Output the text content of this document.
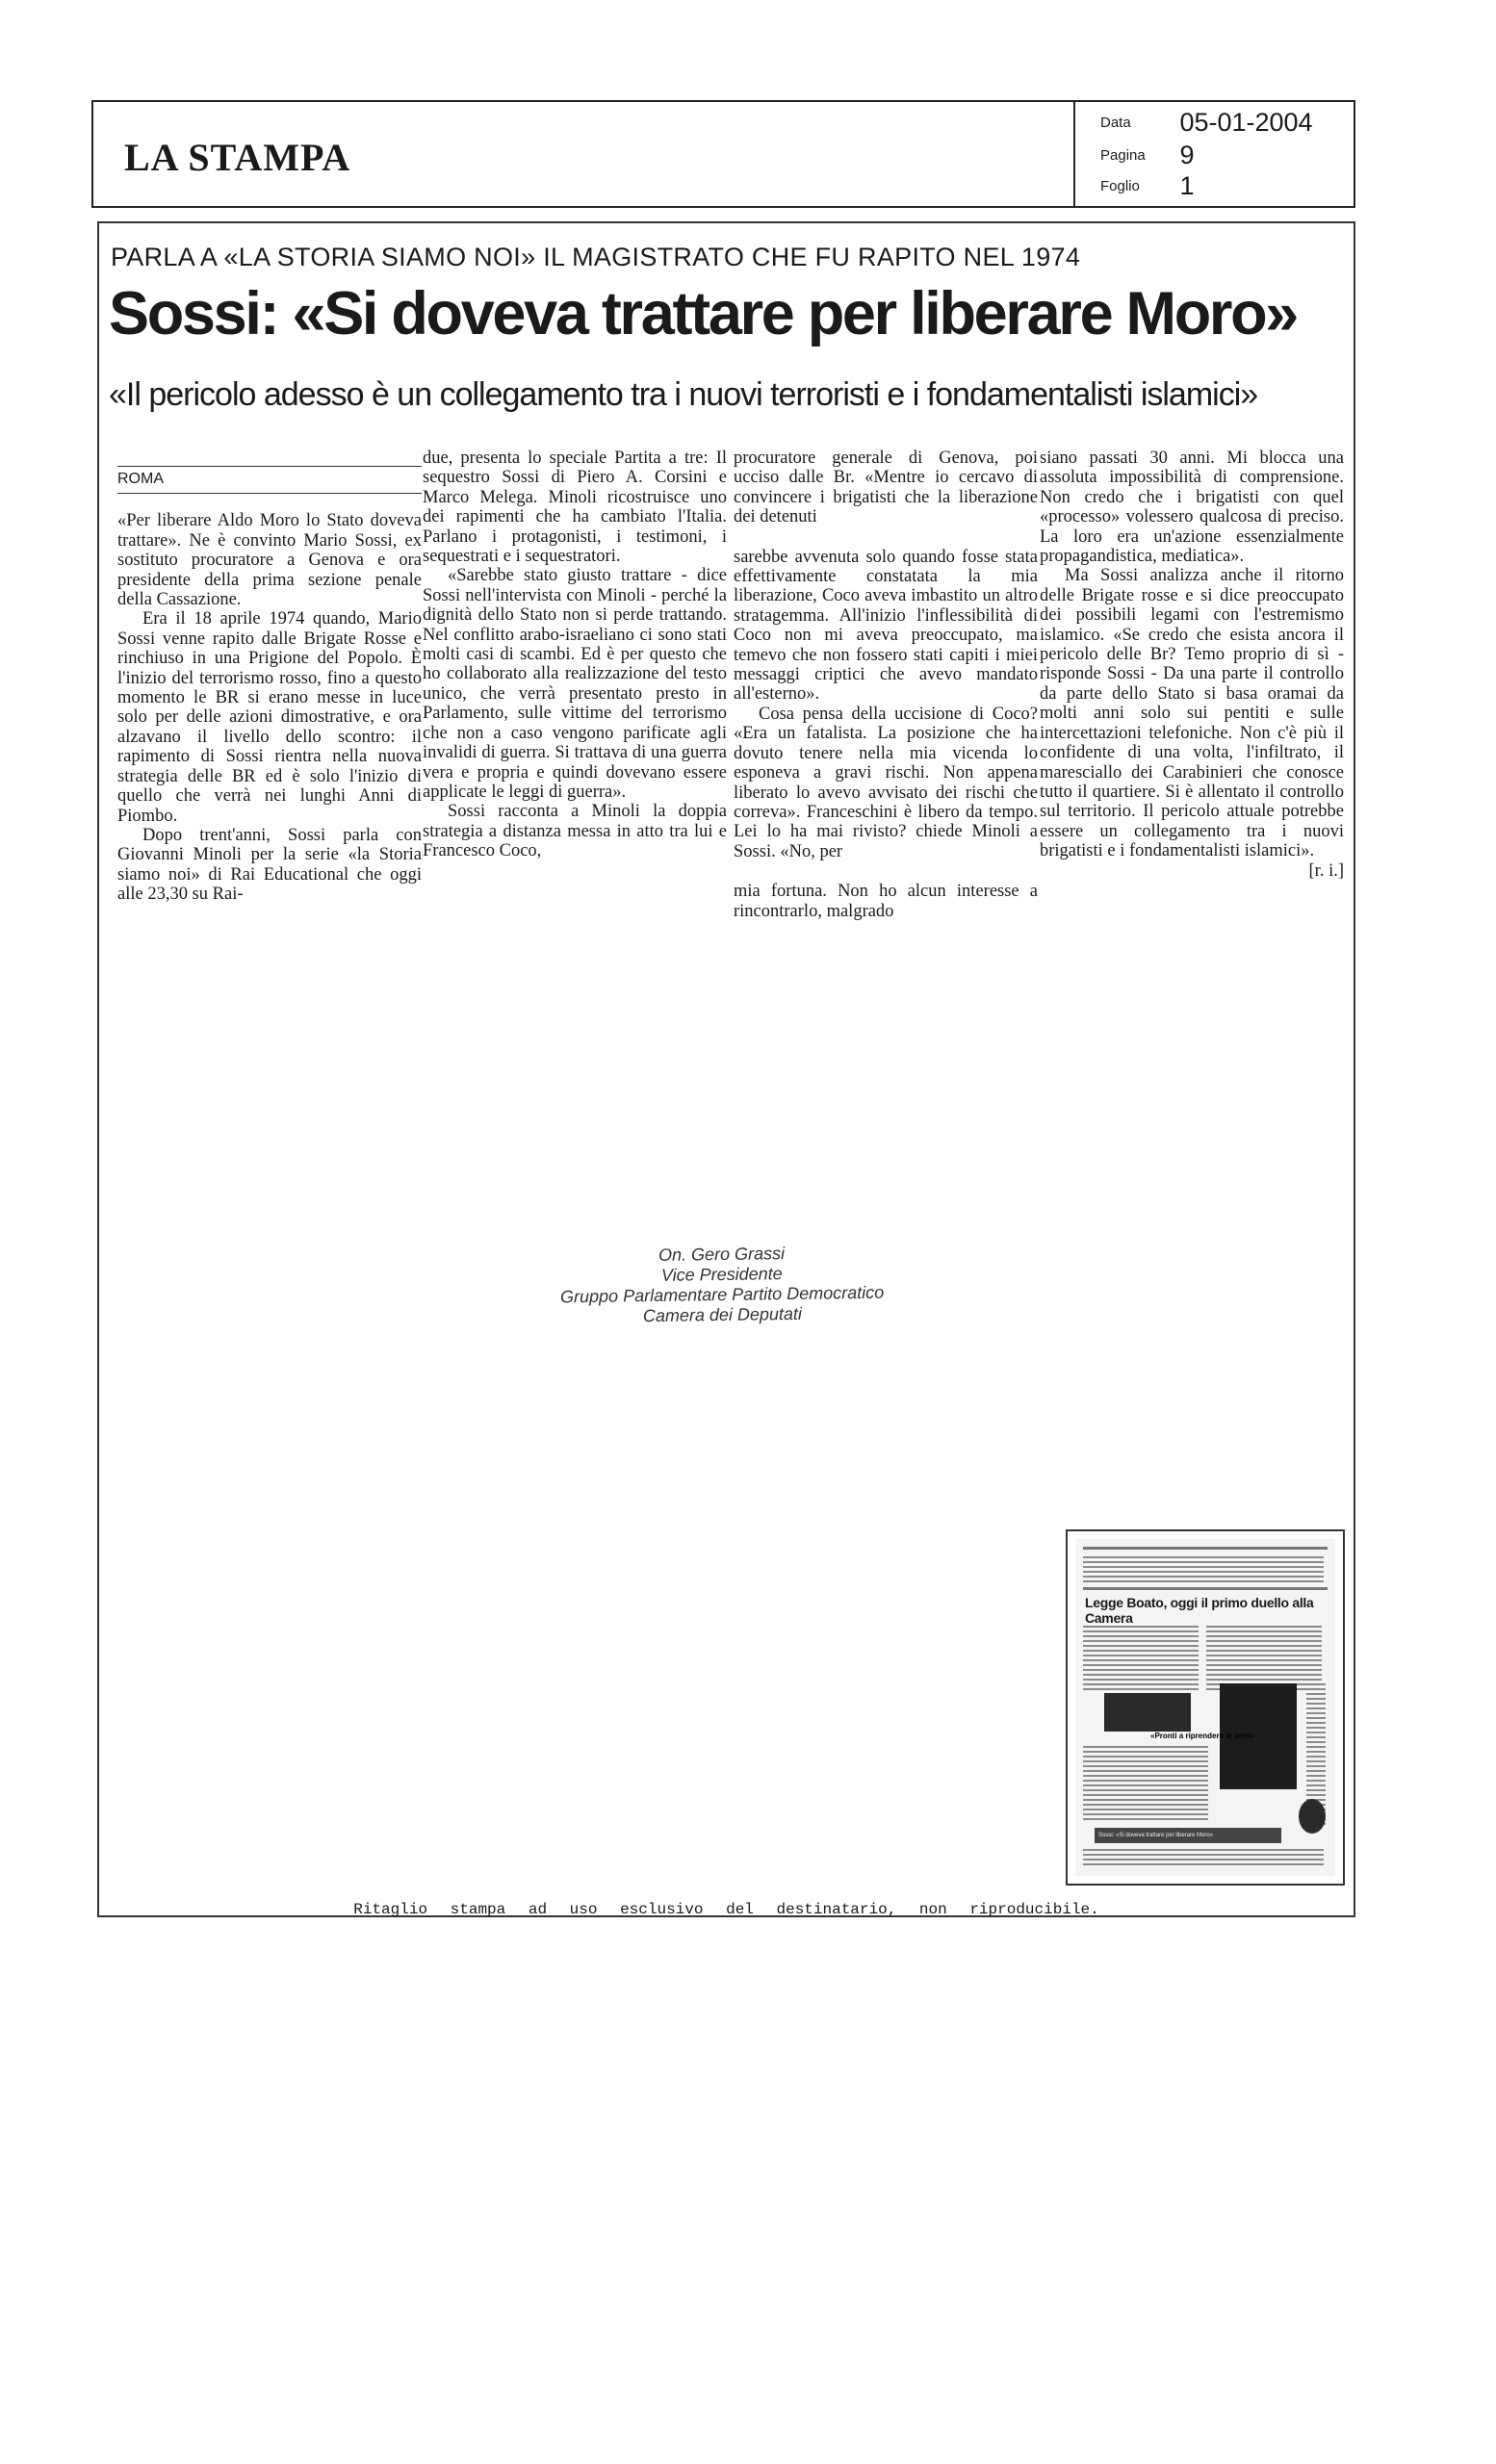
LA STAMPA
Data 05-01-2004
Pagina 9
Foglio 1
PARLA A «LA STORIA SIAMO NOI» IL MAGISTRATO CHE FU RAPITO NEL 1974
Sossi: «Si doveva trattare per liberare Moro»
«Il pericolo adesso è un collegamento tra i nuovi terroristi e i fondamentalisti islamici»
ROMA

«Per liberare Aldo Moro lo Stato doveva trattare». Ne è convinto Mario Sossi, ex sostituto procuratore a Genova e ora presidente della prima sezione penale della Cassazione.

Era il 18 aprile 1974 quando, Mario Sossi venne rapito dalle Brigate Rosse e rinchiuso in una Prigione del Popolo. È l'inizio del terrorismo rosso, fino a questo momento le BR si erano messe in luce solo per delle azioni dimostrative, e ora alzavano il livello dello scontro: il rapimento di Sossi rientra nella nuova strategia delle BR ed è solo l'inizio di quello che verrà nei lunghi Anni di Piombo.

Dopo trent'anni, Sossi parla con Giovanni Minoli per la serie «la Storia siamo noi» di Rai Educational che oggi alle 23,30 su Rai-

due, presenta lo speciale Partita a tre: Il sequestro Sossi di Piero A. Corsini e Marco Melega. Minoli ricostruisce uno dei rapimenti che ha cambiato l'Italia. Parlano i protagonisti, i testimoni, i sequestrati e i sequestratori.

«Sarebbe stato giusto trattare - dice Sossi nell'intervista con Minoli - perché la dignità dello Stato non si perde trattando. Nel conflitto arabo-israeliano ci sono stati molti casi di scambi. Ed è per questo che ho collaborato alla realizzazione del testo unico, che verrà presentato presto in Parlamento, sulle vittime del terrorismo che non a caso vengono parificate agli invalidi di guerra. Si trattava di una guerra vera e propria e quindi dovevano essere applicate le leggi di guerra».

Sossi racconta a Minoli la doppia strategia a distanza messa in atto tra lui e Francesco Coco,

procuratore generale di Genova, poi ucciso dalle Br. «Mentre io cercavo di convincere i brigatisti che la liberazione dei detenuti

sarebbe avvenuta solo quando fosse stata effettivamente constatata la mia liberazione, Coco aveva imbastito un altro stratagemma. All'inizio l'inflessibilità di Coco non mi aveva preoccupato, ma temevo che non fossero stati capiti i miei messaggi criptici che avevo mandato all'esterno».

Cosa pensa della uccisione di Coco? «Era un fatalista. La posizione che ha dovuto tenere nella mia vicenda lo esponeva a gravi rischi. Non appena liberato lo avevo avvisato dei rischi che correva». Franceschini è libero da tempo. Lei lo ha mai rivisto? chiede Minoli a Sossi. «No, per

mia fortuna. Non ho alcun interesse a rincontrarlo, malgrado

siano passati 30 anni. Mi blocca una assoluta impossibilità di comprensione. Non credo che i brigatisti con quel «processo» volessero qualcosa di preciso. La loro era un'azione essenzialmente propagandistica, mediatica».

Ma Sossi analizza anche il ritorno delle Brigate rosse e si dice preoccupato dei possibili legami con l'estremismo islamico. «Se credo che esista ancora il pericolo delle Br? Temo proprio di sì - risponde Sossi - Da una parte il controllo da parte dello Stato si basa oramai da molti anni solo sui pentiti e sulle intercettazioni telefoniche. Non c'è più il confidente di una volta, l'infiltrato, il maresciallo dei Carabinieri che conosce tutto il quartiere. Si è allentato il controllo sul territorio. Il pericolo attuale potrebbe essere un collegamento tra i nuovi brigatisti e i fondamentalisti islamici».

[r. i.]

On. Gero Grassi
Vice Presidente
Gruppo Parlamentare Partito Democratico
Camera dei Deputati
Legge Boato, oggi il primo duello alla Camera
«Pronti a riprendere le armi»
Sossi: «Si doveva trattare per liberare Moro»
Ritaglio stampa ad uso esclusivo del destinatario, non riproducibile.
